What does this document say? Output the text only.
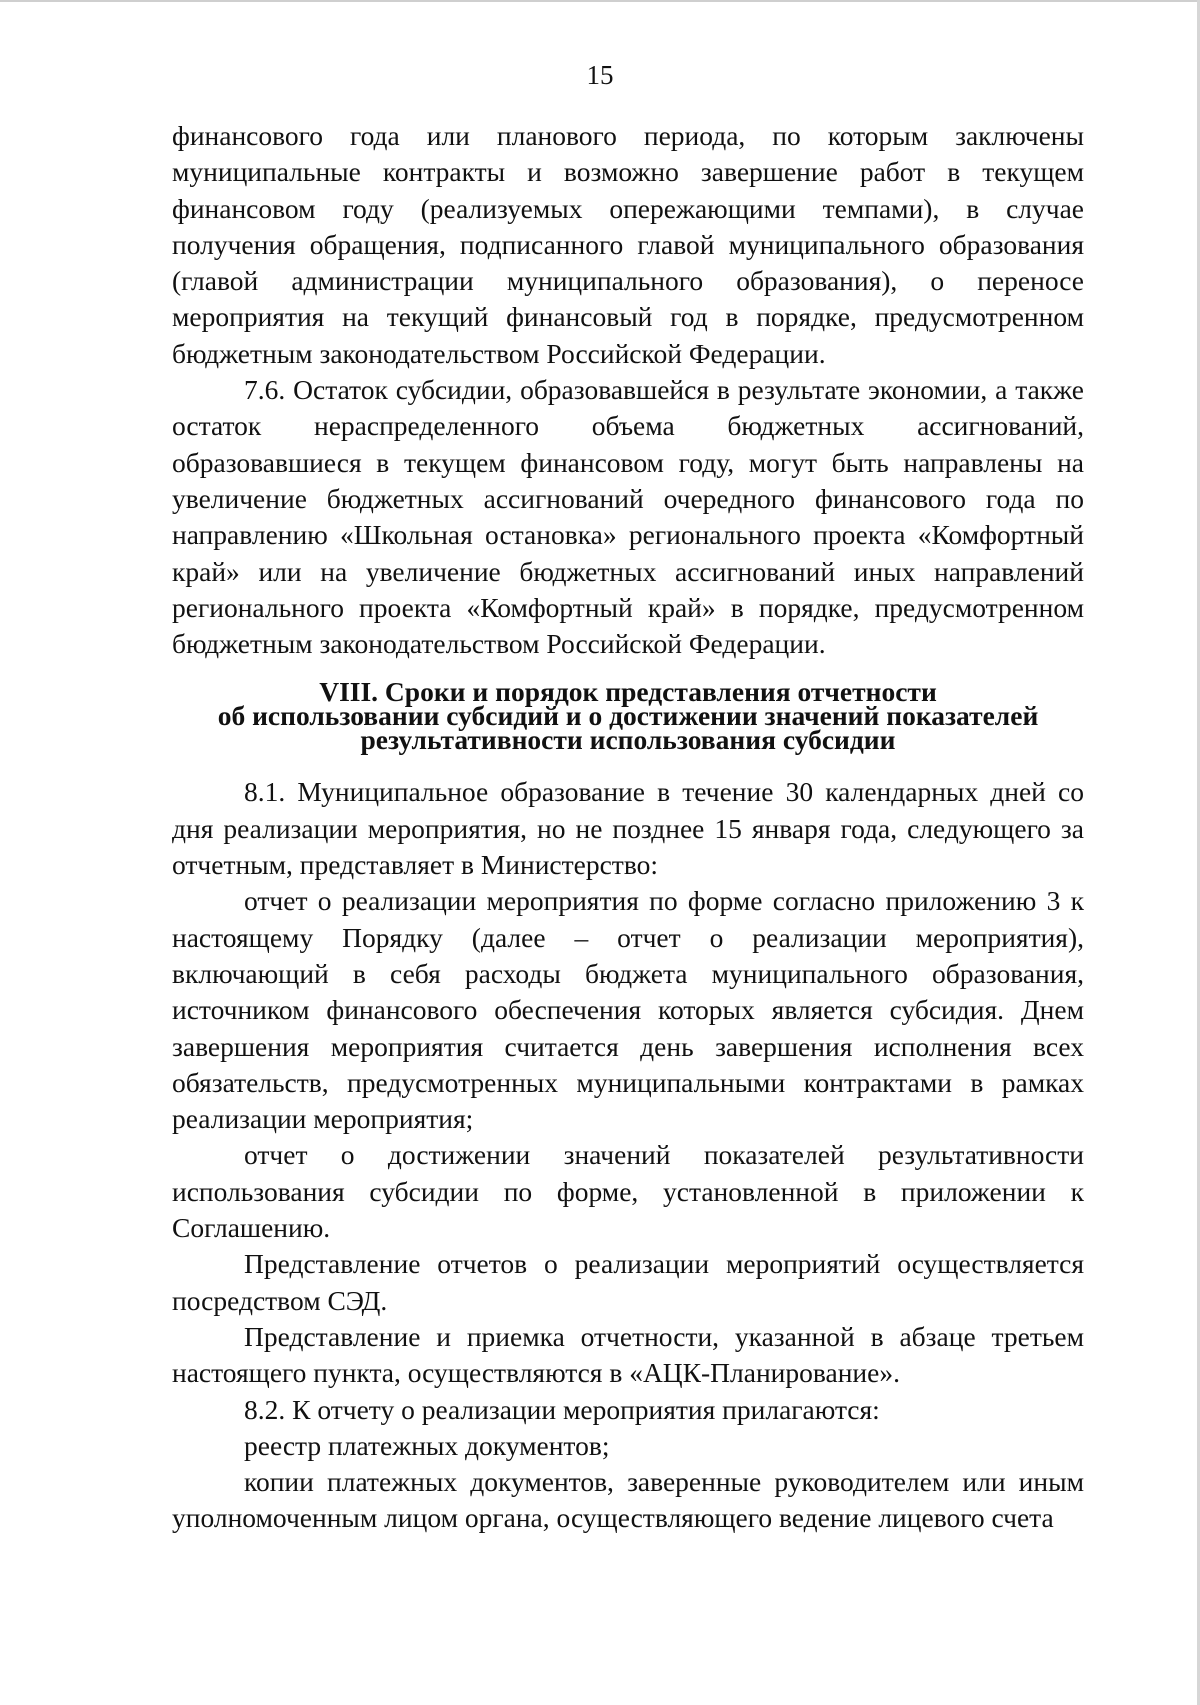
15

финансового года или планового периода, по которым заключены муниципальные контракты и возможно завершение работ в текущем финансовом году (реализуемых опережающими темпами), в случае получения обращения, подписанного главой муниципального образования (главой администрации муниципального образования), о переносе мероприятия на текущий финансовый год в порядке, предусмотренном бюджетным законодательством Российской Федерации.

7.6. Остаток субсидии, образовавшейся в результате экономии, а также остаток нераспределенного объема бюджетных ассигнований, образовавшиеся в текущем финансовом году, могут быть направлены на увеличение бюджетных ассигнований очередного финансового года по направлению «Школьная остановка» регионального проекта «Комфортный край» или на увеличение бюджетных ассигнований иных направлений регионального проекта «Комфортный край» в порядке, предусмотренном бюджетным законодательством Российской Федерации.

VIII. Сроки и порядок представления отчетности
об использовании субсидий и о достижении значений показателей
результативности использования субсидии

8.1. Муниципальное образование в течение 30 календарных дней со дня реализации мероприятия, но не позднее 15 января года, следующего за отчетным, представляет в Министерство:

отчет о реализации мероприятия по форме согласно приложению 3 к настоящему Порядку (далее – отчет о реализации мероприятия), включающий в себя расходы бюджета муниципального образования, источником финансового обеспечения которых является субсидия. Днем завершения мероприятия считается день завершения исполнения всех обязательств, предусмотренных муниципальными контрактами в рамках реализации мероприятия;

отчет о достижении значений показателей результативности использования субсидии по форме, установленной в приложении к Соглашению.

Представление отчетов о реализации мероприятий осуществляется посредством СЭД.

Представление и приемка отчетности, указанной в абзаце третьем настоящего пункта, осуществляются в «АЦК-Планирование».

8.2. К отчету о реализации мероприятия прилагаются:

реестр платежных документов;

копии платежных документов, заверенные руководителем или иным уполномоченным лицом органа, осуществляющего ведение лицевого счета
